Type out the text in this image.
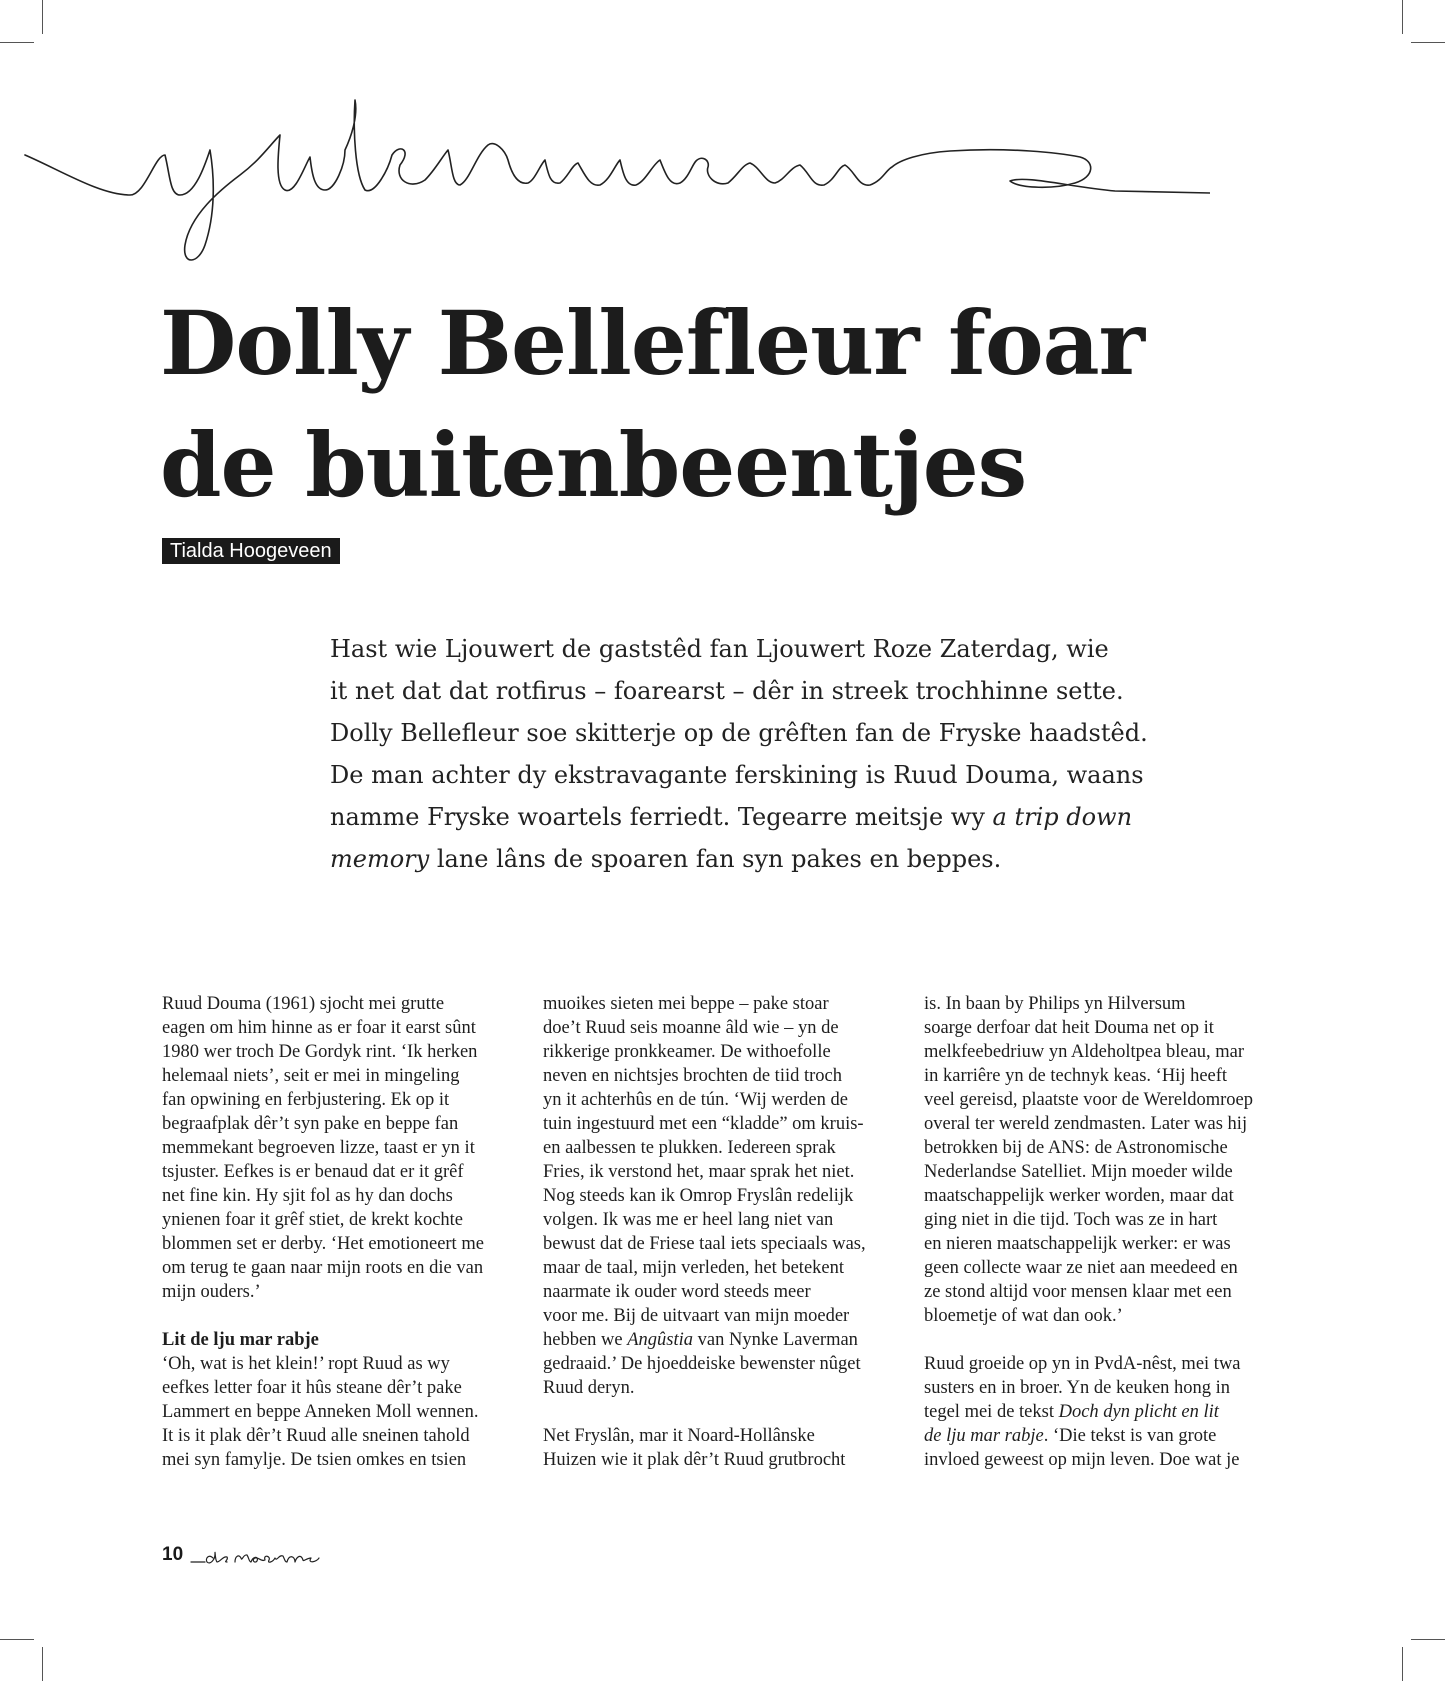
Dolly Bellefleur foar
de buitenbeentjes
Tialda Hoogeveen

Hast wie Ljouwert de gaststêd fan Ljouwert Roze Zaterdag, wie
it net dat dat rotfirus – foarearst – dêr in streek trochhinne sette.
Dolly Bellefleur soe skitterje op de grêften fan de Fryske haadstêd.
De man achter dy ekstravagante ferskining is Ruud Douma, waans
namme Fryske woartels ferriedt. Tegearre meitsje wy a trip down
memory lane lâns de spoaren fan syn pakes en beppes.

Ruud Douma (1961) sjocht mei grutte
eagen om him hinne as er foar it earst sûnt
1980 wer troch De Gordyk rint. ‘Ik herken
helemaal niets’, seit er mei in mingeling
fan opwining en ferbjustering. Ek op it
begraafplak dêr’t syn pake en beppe fan
memmekant begroeven lizze, taast er yn it
tsjuster. Eefkes is er benaud dat er it grêf
net fine kin. Hy sjit fol as hy dan dochs
ynienen foar it grêf stiet, de krekt kochte
blommen set er derby. ‘Het emotioneert me
om terug te gaan naar mijn roots en die van
mijn ouders.’
Lit de lju mar rabje
‘Oh, wat is het klein!’ ropt Ruud as wy
eefkes letter foar it hûs steane dêr’t pake
Lammert en beppe Anneken Moll wennen.
It is it plak dêr’t Ruud alle sneinen tahold
mei syn famylje. De tsien omkes en tsien
muoikes sieten mei beppe – pake stoar
doe’t Ruud seis moanne âld wie – yn de
rikkerige pronkkeamer. De withoefolle
neven en nichtsjes brochten de tiid troch
yn it achterhûs en de tún. ‘Wij werden de
tuin ingestuurd met een “kladde” om kruis-
en aalbessen te plukken. Iedereen sprak
Fries, ik verstond het, maar sprak het niet.
Nog steeds kan ik Omrop Fryslân redelijk
volgen. Ik was me er heel lang niet van
bewust dat de Friese taal iets speciaals was,
maar de taal, mijn verleden, het betekent
naarmate ik ouder word steeds meer
voor me. Bij de uitvaart van mijn moeder
hebben we Angûstia van Nynke Laverman
gedraaid.’ De hjoeddeiske bewenster nûget
Ruud deryn.
Net Fryslân, mar it Noard-Hollânske
Huizen wie it plak dêr’t Ruud grutbrocht
is. In baan by Philips yn Hilversum
soarge derfoar dat heit Douma net op it
melkfeebedriuw yn Aldeholtpea bleau, mar
in karriêre yn de technyk keas. ‘Hij heeft
veel gereisd, plaatste voor de Wereldomroep
overal ter wereld zendmasten. Later was hij
betrokken bij de ANS: de Astronomische
Nederlandse Satelliet. Mijn moeder wilde
maatschappelijk werker worden, maar dat
ging niet in die tijd. Toch was ze in hart
en nieren maatschappelijk werker: er was
geen collecte waar ze niet aan meedeed en
ze stond altijd voor mensen klaar met een
bloemetje of wat dan ook.’
Ruud groeide op yn in PvdA-nêst, mei twa
susters en in broer. Yn de keuken hong in
tegel mei de tekst Doch dyn plicht en lit
de lju mar rabje. ‘Die tekst is van grote
invloed geweest op mijn leven. Doe wat je
10
